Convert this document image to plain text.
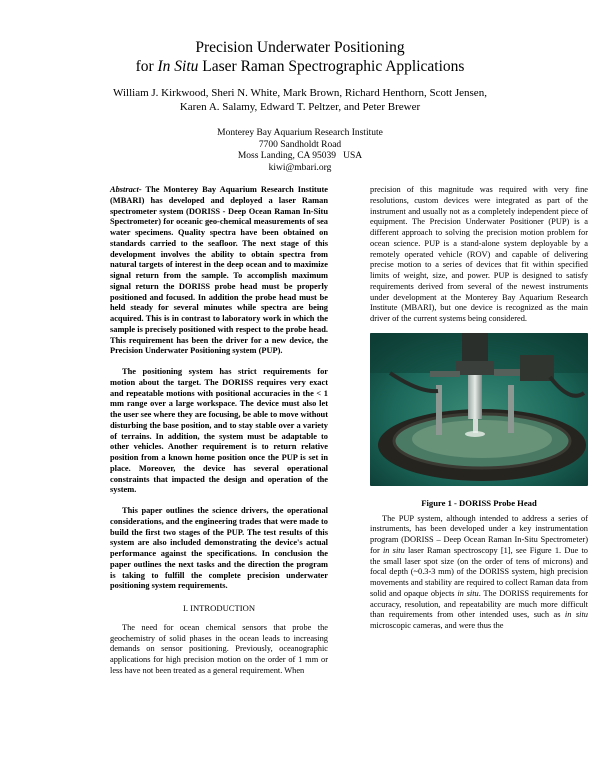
Precision Underwater Positioning
for In Situ Laser Raman Spectrographic Applications
William J. Kirkwood, Sheri N. White, Mark Brown, Richard Henthorn, Scott Jensen,
Karen A. Salamy, Edward T. Peltzer, and Peter Brewer
Monterey Bay Aquarium Research Institute
7700 Sandholdt Road
Moss Landing, CA 95039   USA
kiwi@mbari.org

Abstract- The Monterey Bay Aquarium Research Institute (MBARI) has developed and deployed a laser Raman spectrometer system (DORISS - Deep Ocean Raman In-Situ Spectrometer) for oceanic geo-chemical measurements of sea water specimens. Quality spectra have been obtained on standards carried to the seafloor. The next stage of this development involves the ability to obtain spectra from natural targets of interest in the deep ocean and to maximize signal return from the sample. To accomplish maximum signal return the DORISS probe head must be properly positioned and focused. In addition the probe head must be held steady for several minutes while spectra are being acquired. This is in contrast to laboratory work in which the sample is precisely positioned with respect to the probe head. This requirement has been the driver for a new device, the Precision Underwater Positioning system (PUP).

The positioning system has strict requirements for motion about the target. The DORISS requires very exact and repeatable motions with positional accuracies in the < 1 mm range over a large workspace. The device must also let the user see where they are focusing, be able to move without disturbing the base position, and to stay stable over a variety of terrains. In addition, the system must be adaptable to other vehicles. Another requirement is to return relative position from a known home position once the PUP is set in place. Moreover, the device has several operational constraints that impacted the design and operation of the system.

This paper outlines the science drivers, the operational considerations, and the engineering trades that were made to build the first two stages of the PUP. The test results of this system are also included demonstrating the device's actual performance against the specifications. In conclusion the paper outlines the next tasks and the direction the program is taking to fulfill the complete precision underwater positioning system requirements.

I. INTRODUCTION

The need for ocean chemical sensors that probe the geochemistry of solid phases in the ocean leads to increasing demands on sensor positioning. Previously, oceanographic applications for high precision motion on the order of 1 mm or less have not been treated as a general requirement. When

precision of this magnitude was required with very fine resolutions, custom devices were integrated as part of the instrument and usually not as a completely independent piece of equipment. The Precision Underwater Positioner (PUP) is a different approach to solving the precision motion problem for ocean science. PUP is a stand-alone system deployable by a remotely operated vehicle (ROV) and capable of delivering precise motion to a series of devices that fit within specified limits of weight, size, and power. PUP is designed to satisfy requirements derived from several of the newest instruments under development at the Monterey Bay Aquarium Research Institute (MBARI), but one device is recognized as the main driver of the current systems being considered.

Figure 1 - DORISS Probe Head

The PUP system, although intended to address a series of instruments, has been developed under a key instrumentation program (DORISS – Deep Ocean Raman In-Situ Spectrometer) for in situ laser Raman spectroscopy [1], see Figure 1. Due to the small laser spot size (on the order of tens of microns) and focal depth (~0.3-3 mm) of the DORISS system, high precision movements and stability are required to collect Raman data from solid and opaque objects in situ. The DORISS requirements for accuracy, resolution, and repeatability are much more difficult than requirements from other intended uses, such as in situ microscopic cameras, and were thus the
